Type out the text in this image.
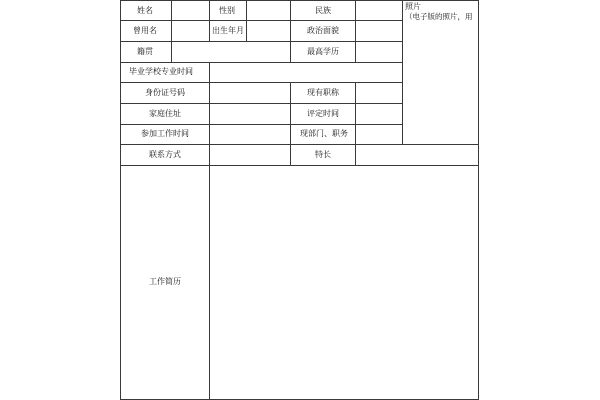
姓名	性别	民族
曾用名	出生年月	政治面貌
籍贯	最高学历
毕业学校专业时间
身份证号码	现有职称
家庭住址	评定时间
参加工作时间	现部门、职务
联系方式	特长
工作简历
照片
（电子版的照片，用
